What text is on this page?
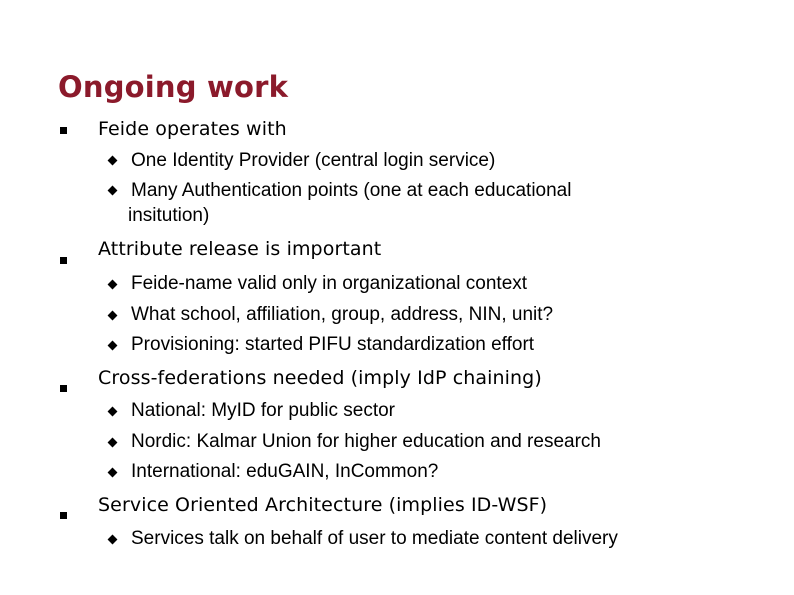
Ongoing work
Feide operates with
One Identity Provider (central login service)
Many Authentication points (one at each educational
insitution)
Attribute release is important
Feide-name valid only in organizational context
What school, affiliation, group, address, NIN, unit?
Provisioning: started PIFU standardization effort
Cross-federations needed (imply IdP chaining)
National: MyID for public sector
Nordic: Kalmar Union for higher education and research
International: eduGAIN, InCommon?
Service Oriented Architecture (implies ID-WSF)
Services talk on behalf of user to mediate content delivery
